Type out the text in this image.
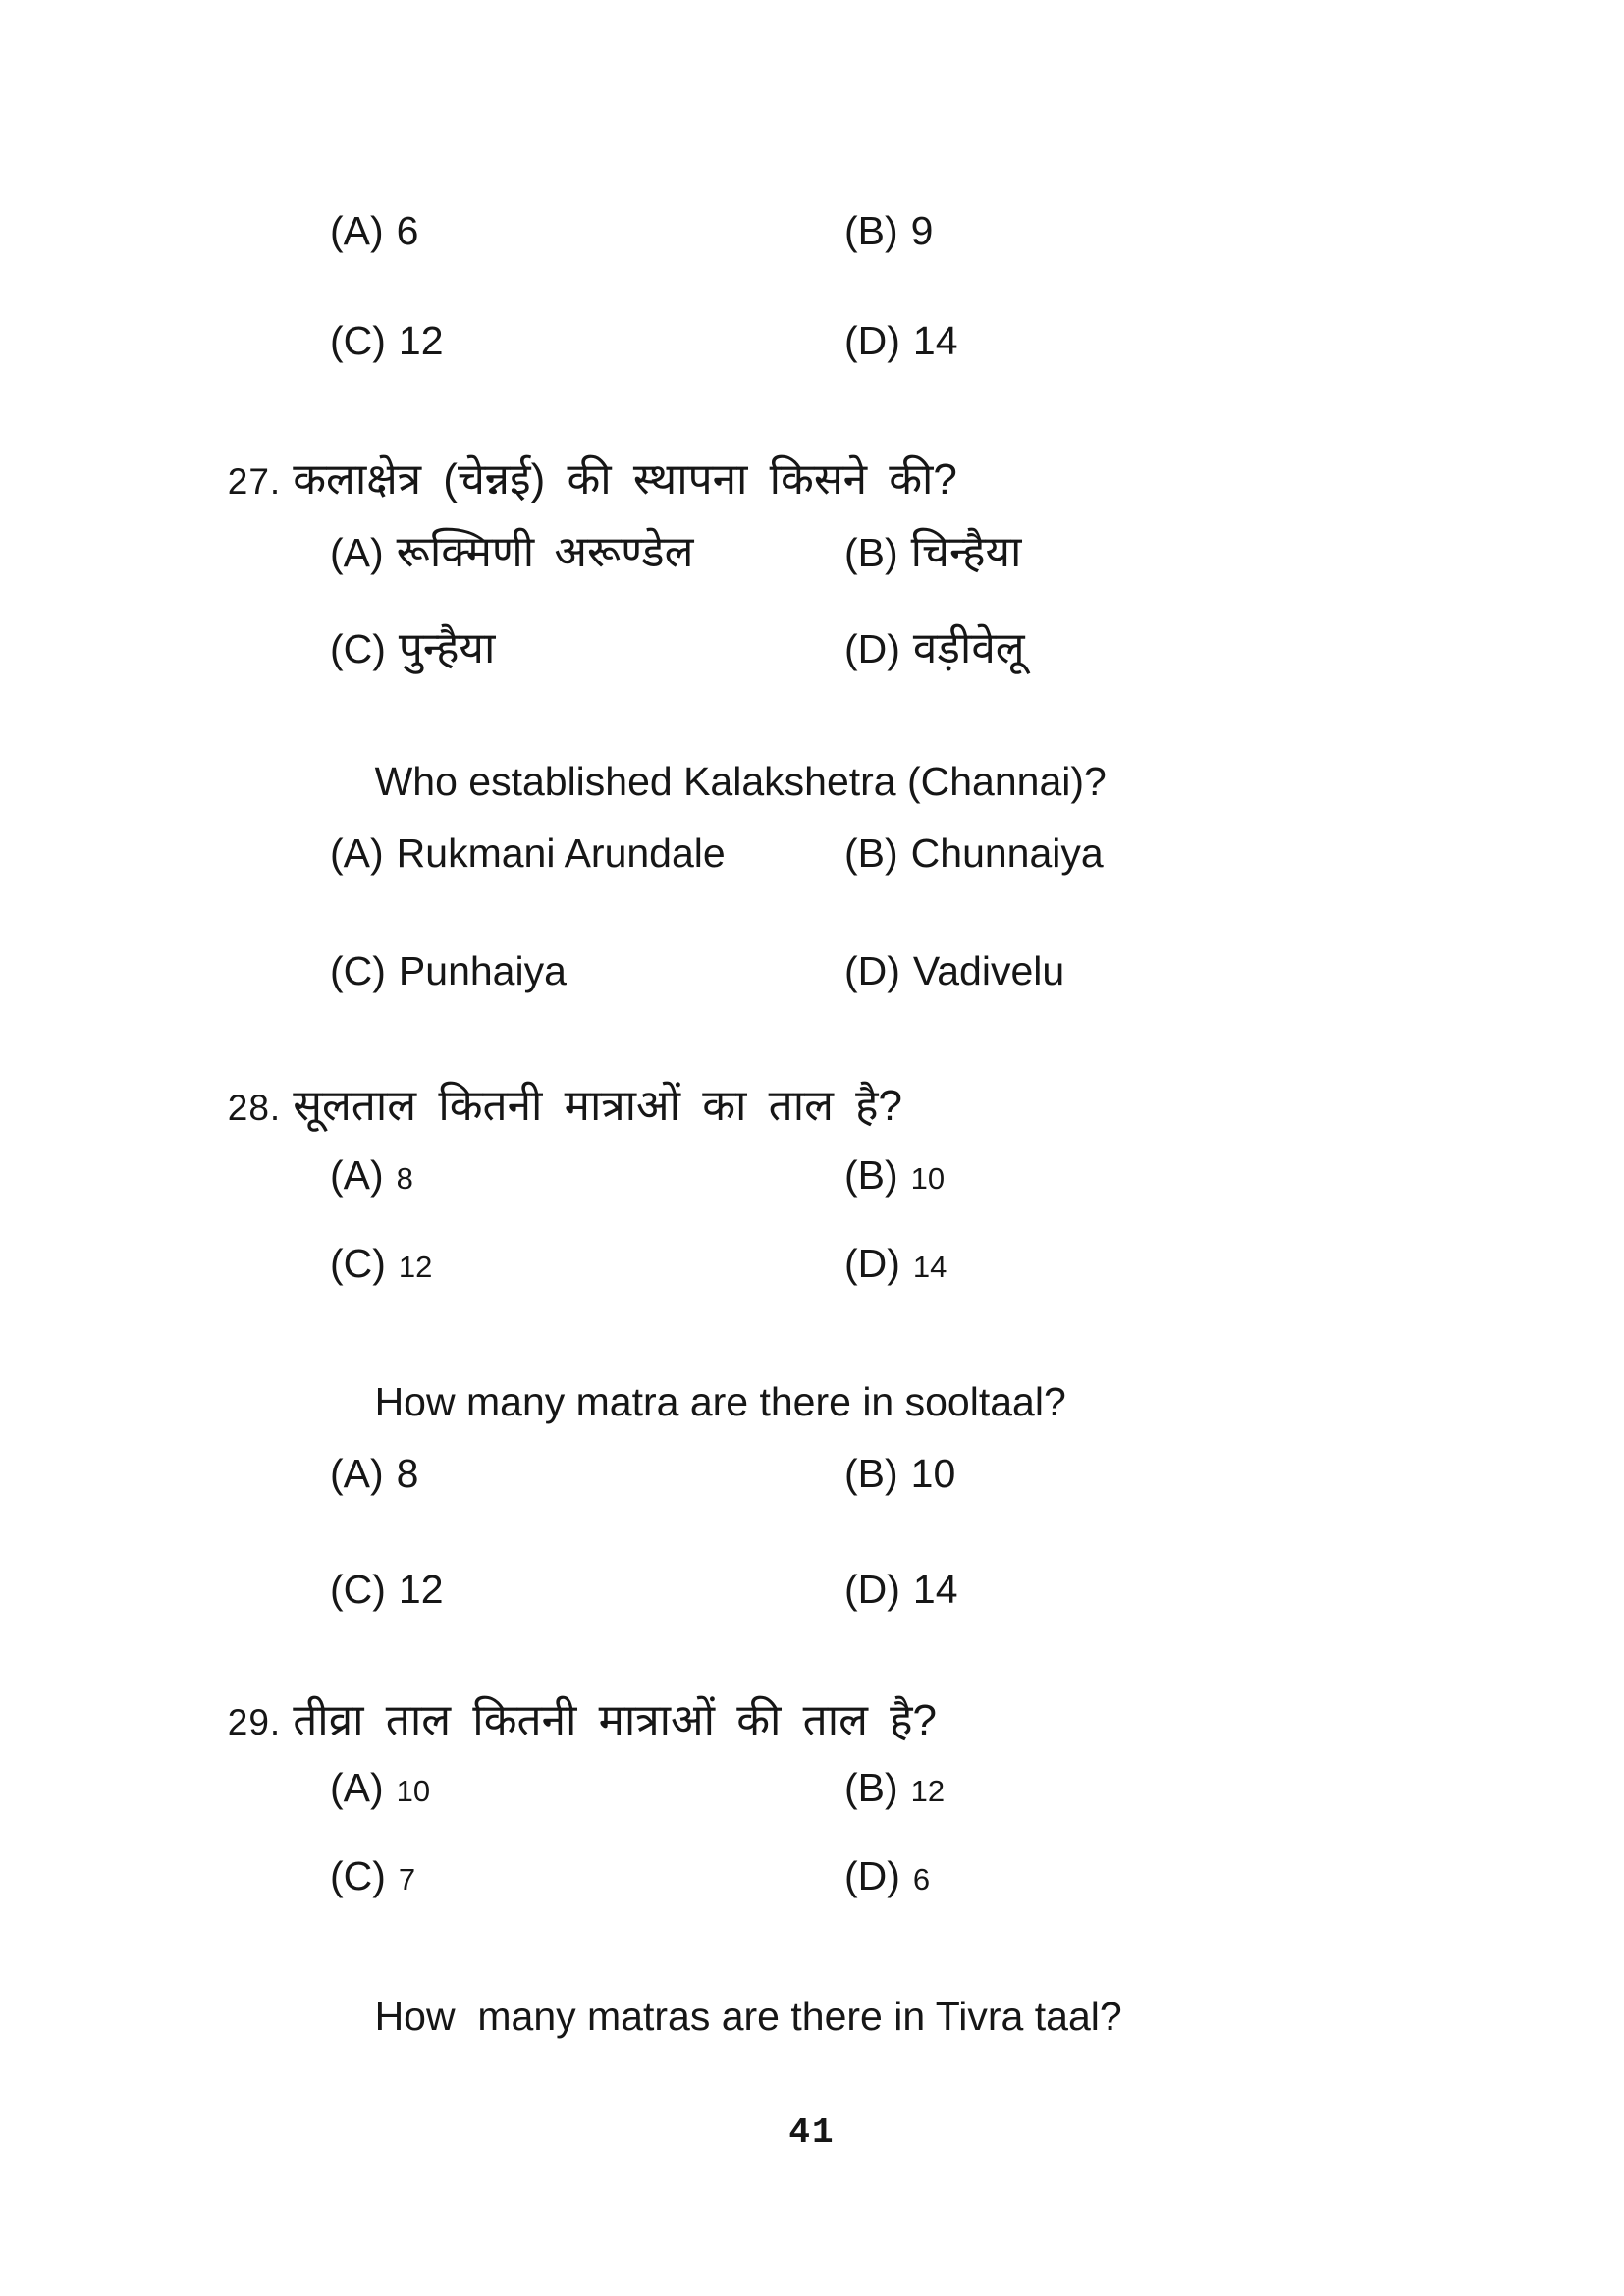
(A) 6	(B) 9
(C) 12	(D) 14

27. कलाक्षेत्र (चेन्नई) की स्थापना किसने की?

(A) रूक्मिणी अरूण्डेल	(B) चिन्हैया
(C) पुन्हैया	(D) वड़ीवेलू

Who established Kalakshetra (Channai)?

(A) Rukmani Arundale	(B) Chunnaiya
(C) Punhaiya	(D) Vadivelu

28. सूलताल कितनी मात्राओं का ताल है?

(A) 8	(B) 10
(C) 12	(D) 14

How many matra are there in sooltaal?

(A) 8	(B) 10
(C) 12	(D) 14

29. तीव्रा ताल कितनी मात्राओं की ताल है?

(A) 10	(B) 12
(C) 7	(D) 6

How  many matras are there in Tivra taal?

41
